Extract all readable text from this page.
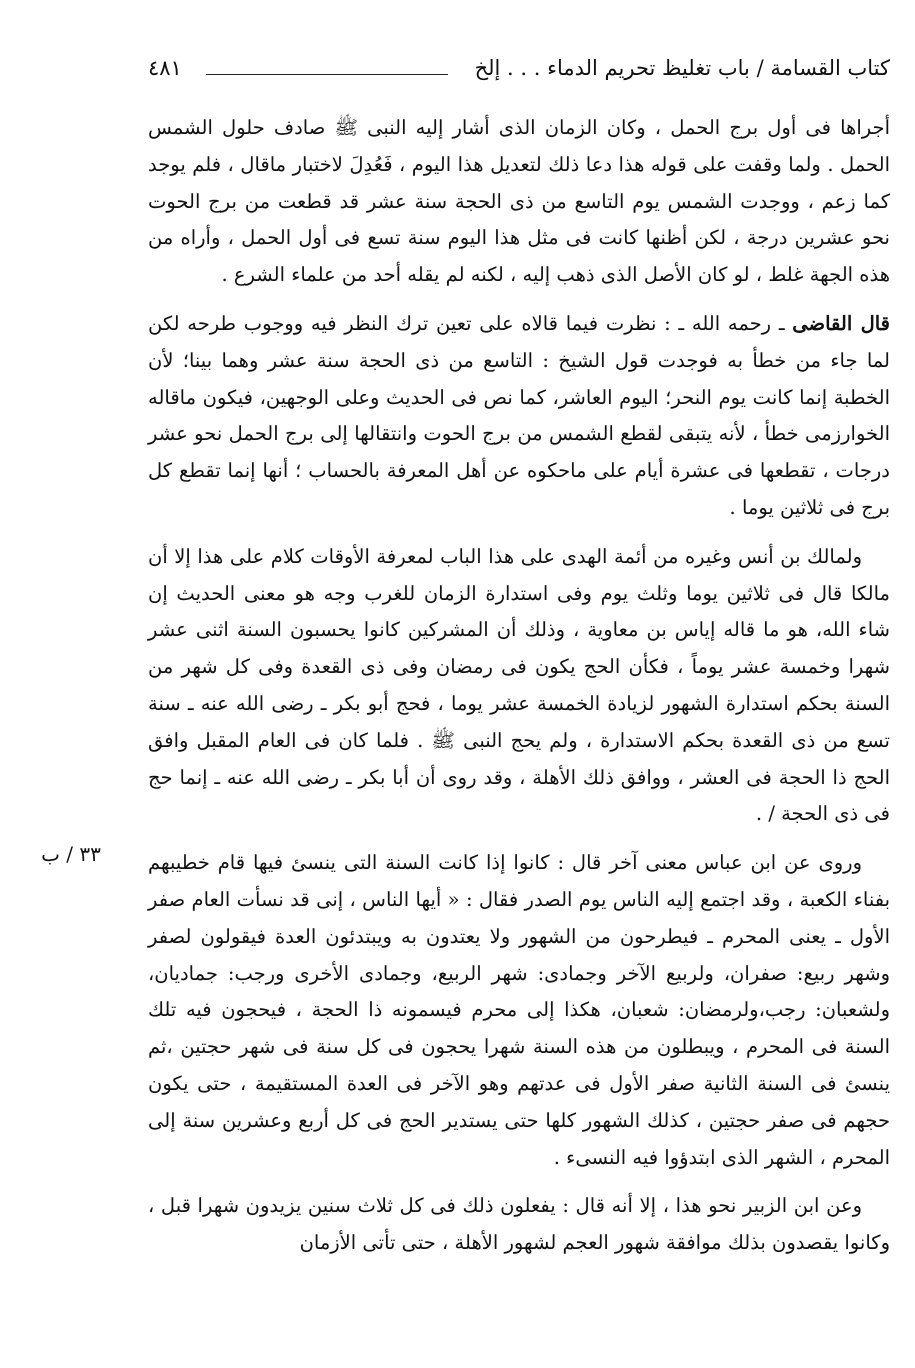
كتاب القسامة / باب تغليظ تحريم الدماء . . . إلخ
٤٨١
٣٣ / ب

أجراها فى أول برج الحمل ، وكان الزمان الذى أشار إليه النبى ﷺ صادف حلول الشمس الحمل . ولما وقفت على قوله هذا دعا ذلك لتعديل هذا اليوم ، فَعُدِلَ لاختبار ماقال ، فلم يوجد كما زعم ، ووجدت الشمس يوم التاسع من ذى الحجة سنة عشر قد قطعت من برج الحوت نحو عشرين درجة ، لكن أظنها كانت فى مثل هذا اليوم سنة تسع فى أول الحمل ، وأراه من هذه الجهة غلط ، لو كان الأصل الذى ذهب إليه ، لكنه لم يقله أحد من علماء الشرع .

قال القاضى ـ رحمه الله ـ : نظرت فيما قالاه على تعين ترك النظر فيه ووجوب طرحه لكن لما جاء من خطأ به فوجدت قول الشيخ : التاسع من ذى الحجة سنة عشر وهما بينا؛ لأن الخطبة إنما كانت يوم النحر؛ اليوم العاشر، كما نص فى الحديث وعلى الوجهين، فيكون ماقاله الخوارزمى خطأ ، لأنه يتبقى لقطع الشمس من برج الحوت وانتقالها إلى برج الحمل نحو عشر درجات ، تقطعها فى عشرة أيام على ماحكوه عن أهل المعرفة بالحساب ؛ أنها إنما تقطع كل برج فى ثلاثين يوما .

ولمالك بن أنس وغيره من أئمة الهدى على هذا الباب لمعرفة الأوقات كلام على هذا إلا أن مالكا قال فى ثلاثين يوما وثلث يوم وفى استدارة الزمان للغرب وجه هو معنى الحديث إن شاء الله، هو ما قاله إياس بن معاوية ، وذلك أن المشركين كانوا يحسبون السنة اثنى عشر شهرا وخمسة عشر يوماً ، فكأن الحج يكون فى رمضان وفى ذى القعدة وفى كل شهر من السنة بحكم استدارة الشهور لزيادة الخمسة عشر يوما ، فحج أبو بكر ـ رضى الله عنه ـ سنة تسع من ذى القعدة بحكم الاستدارة ، ولم يحج النبى ﷺ . فلما كان فى العام المقبل وافق الحج ذا الحجة فى العشر ، ووافق ذلك الأهلة ، وقد روى أن أبا بكر ـ رضى الله عنه ـ إنما حج فى ذى الحجة / .

وروى عن ابن عباس معنى آخر قال : كانوا إذا كانت السنة التى ينسئ فيها قام خطيبهم بفناء الكعبة ، وقد اجتمع إليه الناس يوم الصدر فقال : « أيها الناس ، إنى قد نسأت العام صفر الأول ـ يعنى المحرم ـ فيطرحون من الشهور ولا يعتدون به ويبتدئون العدة فيقولون لصفر وشهر ربيع: صفران، ولربيع الآخر وجمادى: شهر الربيع، وجمادى الأخرى ورجب: جماديان، ولشعبان: رجب،ولرمضان: شعبان، هكذا إلى محرم فيسمونه ذا الحجة ، فيحجون فيه تلك السنة فى المحرم ، ويبطلون من هذه السنة شهرا يحجون فى كل سنة فى شهر حجتين ،ثم ينسئ فى السنة الثانية صفر الأول فى عدتهم وهو الآخر فى العدة المستقيمة ، حتى يكون حجهم فى صفر حجتين ، كذلك الشهور كلها حتى يستدير الحج فى كل أربع وعشرين سنة إلى المحرم ، الشهر الذى ابتدؤوا فيه النسىء .

وعن ابن الزبير نحو هذا ، إلا أنه قال : يفعلون ذلك فى كل ثلاث سنين يزيدون شهرا قبل ، وكانوا يقصدون بذلك موافقة شهور العجم لشهور الأهلة ، حتى تأتى الأزمان
